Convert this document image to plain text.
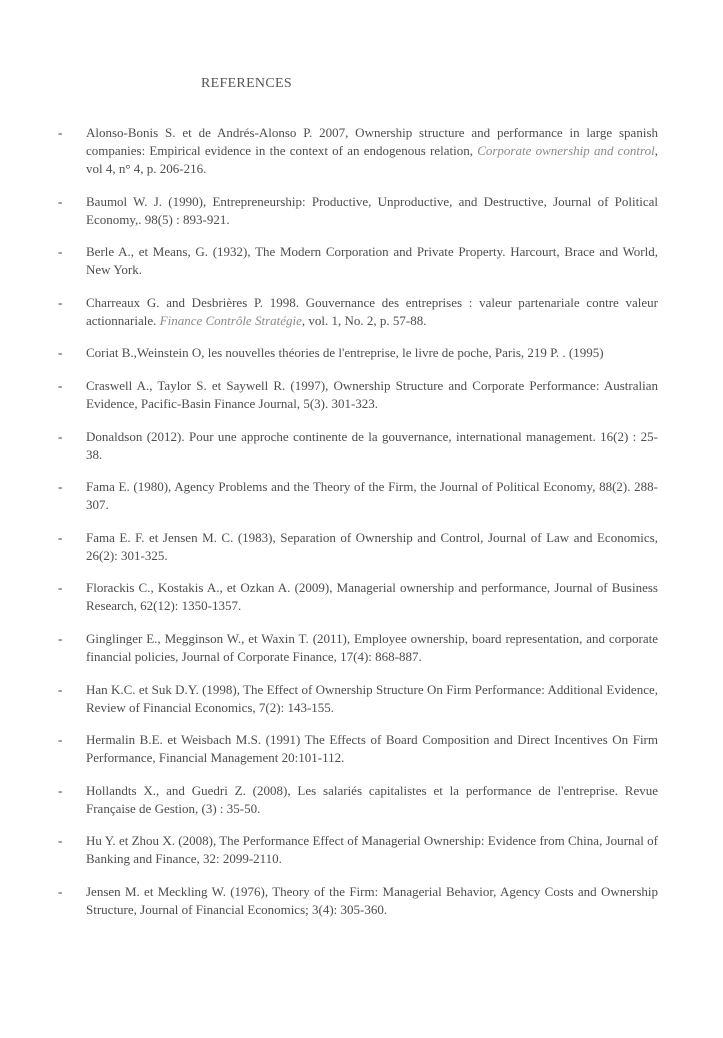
REFERENCES
- Alonso-Bonis S. et de Andrés-Alonso P. 2007, Ownership structure and performance in large spanish companies: Empirical evidence in the context of an endogenous relation, Corporate ownership and control, vol 4, n° 4, p. 206-216.
- Baumol W. J. (1990), Entrepreneurship: Productive, Unproductive, and Destructive, Journal of Political Economy,. 98(5) : 893-921.
- Berle A., et Means, G. (1932), The Modern Corporation and Private Property. Harcourt, Brace and World, New York.
- Charreaux G. and Desbrières P. 1998. Gouvernance des entreprises : valeur partenariale contre valeur actionnariale. Finance Contrôle Stratégie, vol. 1, No. 2, p. 57-88.
- Coriat B.,Weinstein O, les nouvelles théories de l'entreprise, le livre de poche, Paris, 219 P. . (1995)
- Craswell A., Taylor S. et Saywell R. (1997), Ownership Structure and Corporate Performance: Australian Evidence, Pacific-Basin Finance Journal, 5(3). 301-323.
- Donaldson (2012). Pour une approche continente de la gouvernance, international management. 16(2) : 25-38.
- Fama E. (1980), Agency Problems and the Theory of the Firm, the Journal of Political Economy, 88(2). 288-307.
- Fama E. F. et Jensen M. C. (1983), Separation of Ownership and Control, Journal of Law and Economics, 26(2): 301-325.
- Florackis C., Kostakis A., et Ozkan A. (2009), Managerial ownership and performance, Journal of Business Research, 62(12): 1350-1357.
- Ginglinger E., Megginson W., et Waxin T. (2011), Employee ownership, board representation, and corporate financial policies, Journal of Corporate Finance, 17(4): 868-887.
- Han K.C. et Suk D.Y. (1998), The Effect of Ownership Structure On Firm Performance: Additional Evidence, Review of Financial Economics, 7(2): 143-155.
- Hermalin B.E. et Weisbach M.S. (1991) The Effects of Board Composition and Direct Incentives On Firm Performance, Financial Management 20:101-112.
- Hollandts X., and Guedri Z. (2008), Les salariés capitalistes et la performance de l'entreprise. Revue Française de Gestion, (3) : 35-50.
- Hu Y. et Zhou X. (2008), The Performance Effect of Managerial Ownership: Evidence from China, Journal of Banking and Finance, 32: 2099-2110.
- Jensen M. et Meckling W. (1976), Theory of the Firm: Managerial Behavior, Agency Costs and Ownership Structure, Journal of Financial Economics; 3(4): 305-360.
